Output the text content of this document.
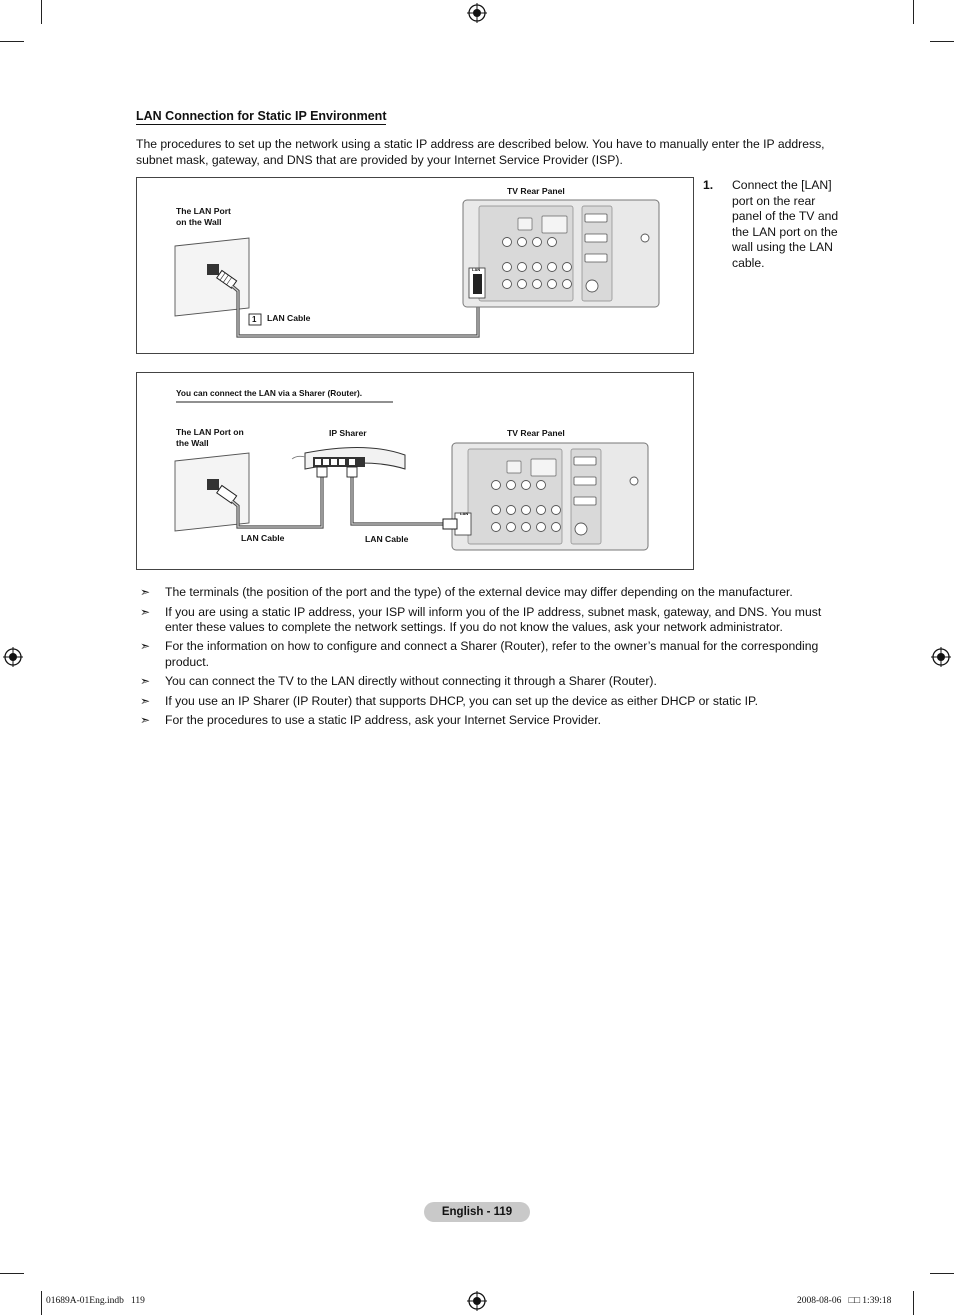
LAN Connection for Static IP Environment
The procedures to set up the network using a static IP address are described below. You have to manually enter the IP address, subnet mask, gateway, and DNS that are provided by your Internet Service Provider (ISP).
TV Rear Panel
The LAN Port
on the Wall
1 LAN Cable
LAN
1. Connect the [LAN] port on the rear panel of the TV and the LAN port on the wall using the LAN cable.
You can connect the LAN via a Sharer (Router).
The LAN Port on
the Wall
IP Sharer	TV Rear Panel
LAN Cable	LAN Cable
LAN
➣	The terminals (the position of the port and the type) of the external device may differ depending on the manufacturer.
➣	If you are using a static IP address, your ISP will inform you of the IP address, subnet mask, gateway, and DNS. You must enter these values to complete the network settings. If you do not know the values, ask your network administrator.
➣	For the information on how to configure and connect a Sharer (Router), refer to the owner’s manual for the corresponding product.
➣	You can connect the TV to the LAN directly without connecting it through a Sharer (Router).
➣	If you use an IP Sharer (IP Router) that supports DHCP, you can set up the device as either DHCP or static IP.
➣	For the procedures to use a static IP address, ask your Internet Service Provider.
English - 119
01689A-01Eng.indb   119	2008-08-06   □□ 1:39:18
